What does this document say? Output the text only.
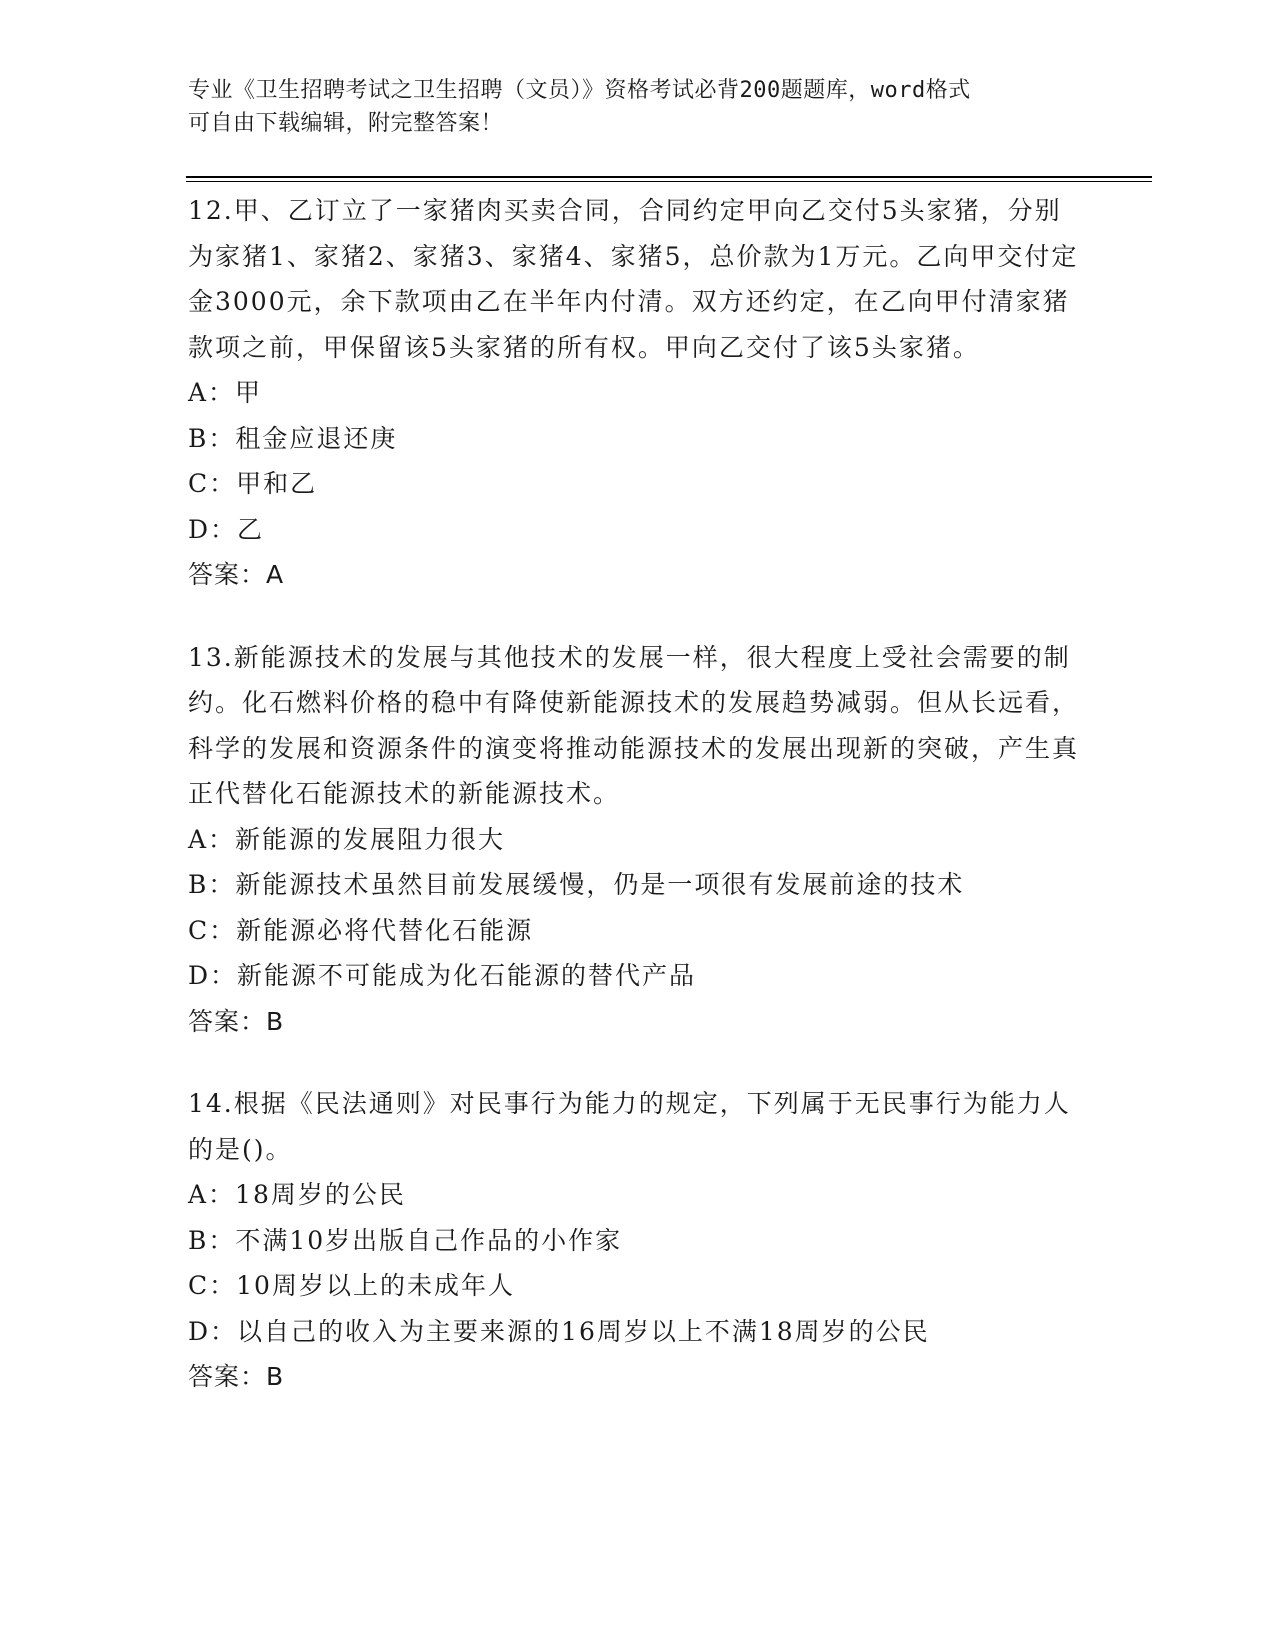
专业《卫生招聘考试之卫生招聘（文员）》资格考试必背200题题库，word格式
可自由下载编辑，附完整答案！

12.甲、乙订立了一家猪肉买卖合同，合同约定甲向乙交付5头家猪，分别为家猪1、家猪2、家猪3、家猪4、家猪5，总价款为1万元。乙向甲交付定金3000元，余下款项由乙在半年内付清。双方还约定，在乙向甲付清家猪款项之前，甲保留该5头家猪的所有权。甲向乙交付了该5头家猪。

A：甲

B：租金应退还庚

C：甲和乙

D：乙

答案：A

13.新能源技术的发展与其他技术的发展一样，很大程度上受社会需要的制约。化石燃料价格的稳中有降使新能源技术的发展趋势减弱。但从长远看，科学的发展和资源条件的演变将推动能源技术的发展出现新的突破，产生真正代替化石能源技术的新能源技术。

A：新能源的发展阻力很大

B：新能源技术虽然目前发展缓慢，仍是一项很有发展前途的技术

C：新能源必将代替化石能源

D：新能源不可能成为化石能源的替代产品

答案：B

14.根据《民法通则》对民事行为能力的规定，下列属于无民事行为能力人的是()。

A：18周岁的公民

B：不满10岁出版自己作品的小作家

C：10周岁以上的未成年人

D：以自己的收入为主要来源的16周岁以上不满18周岁的公民

答案：B
